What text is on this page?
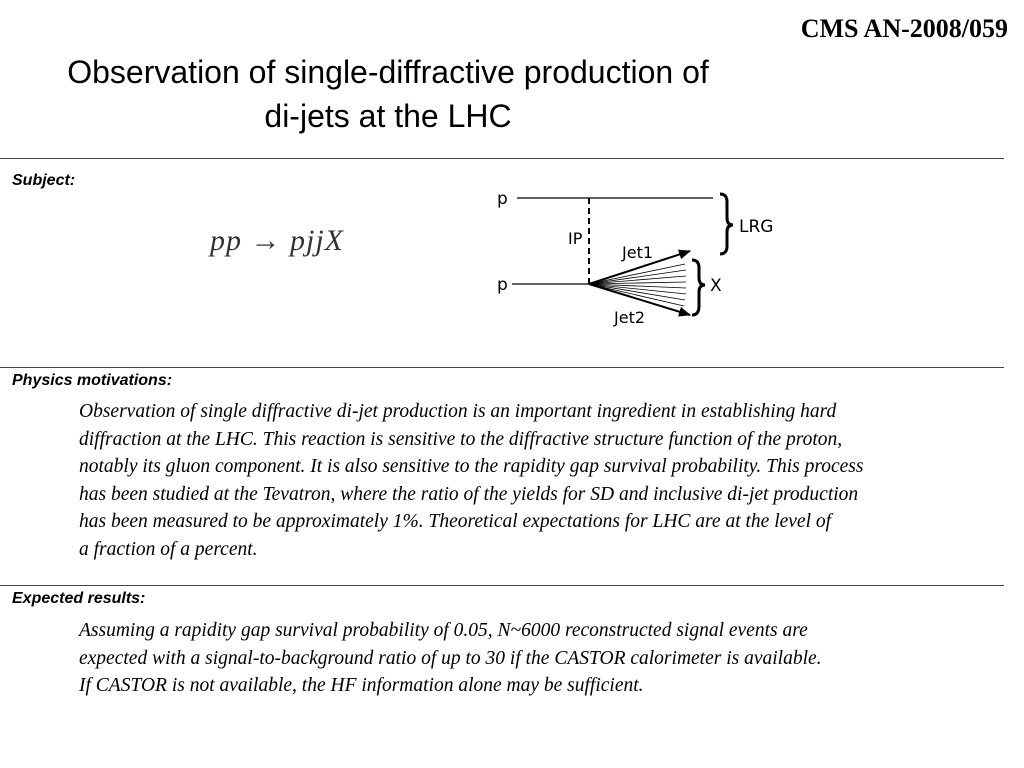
CMS AN-2008/059
Observation of single-diffractive production of
di-jets at the LHC
Subject:
pp → pjjX
p
IP
LRG
p
Jet1
Jet2
X
Physics motivations:
Observation of single diffractive di-jet production is an important ingredient in establishing hard
diffraction at the LHC. This reaction is sensitive to the diffractive structure function of the proton,
notably its gluon component. It is also sensitive to the rapidity gap survival probability. This process
has been studied at the Tevatron, where the ratio of the yields for SD and inclusive di-jet production
has been measured to be approximately 1%. Theoretical expectations for LHC are at the level of
a fraction of a percent.
Expected results:
Assuming a rapidity gap survival probability of 0.05, N~6000 reconstructed signal events are
expected with a signal-to-background ratio of up to 30 if the CASTOR calorimeter is available.
If CASTOR is not available, the HF information alone may be sufficient.
